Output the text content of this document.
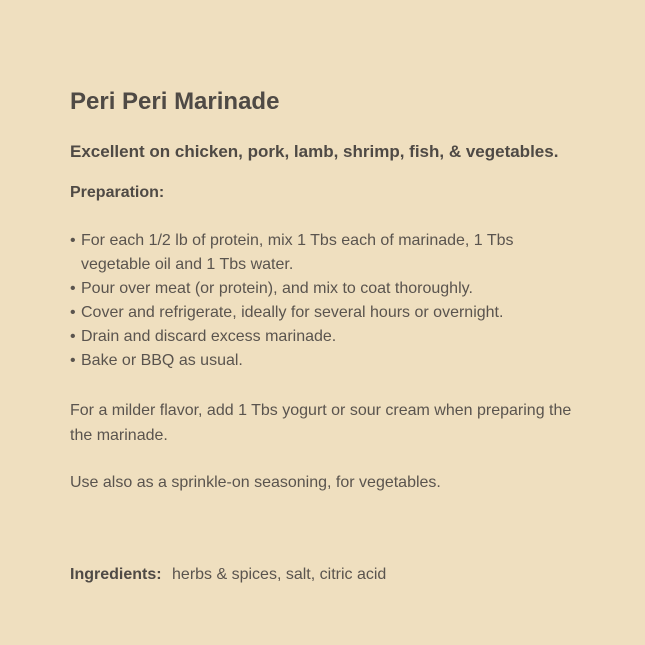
Peri Peri Marinade
Excellent on chicken, pork, lamb, shrimp, fish, & vegetables.
Preparation:
• For each 1/2 lb of protein, mix 1 Tbs each of marinade, 1 Tbs vegetable oil and 1 Tbs water.
• Pour over meat (or protein), and mix to coat thoroughly.
• Cover and refrigerate, ideally for several hours or overnight.
• Drain and discard excess marinade.
• Bake or BBQ as usual.

For a milder flavor, add 1 Tbs yogurt or sour cream when preparing the the marinade.

Use also as a sprinkle-on seasoning, for vegetables.

Ingredients: herbs & spices, salt, citric acid
